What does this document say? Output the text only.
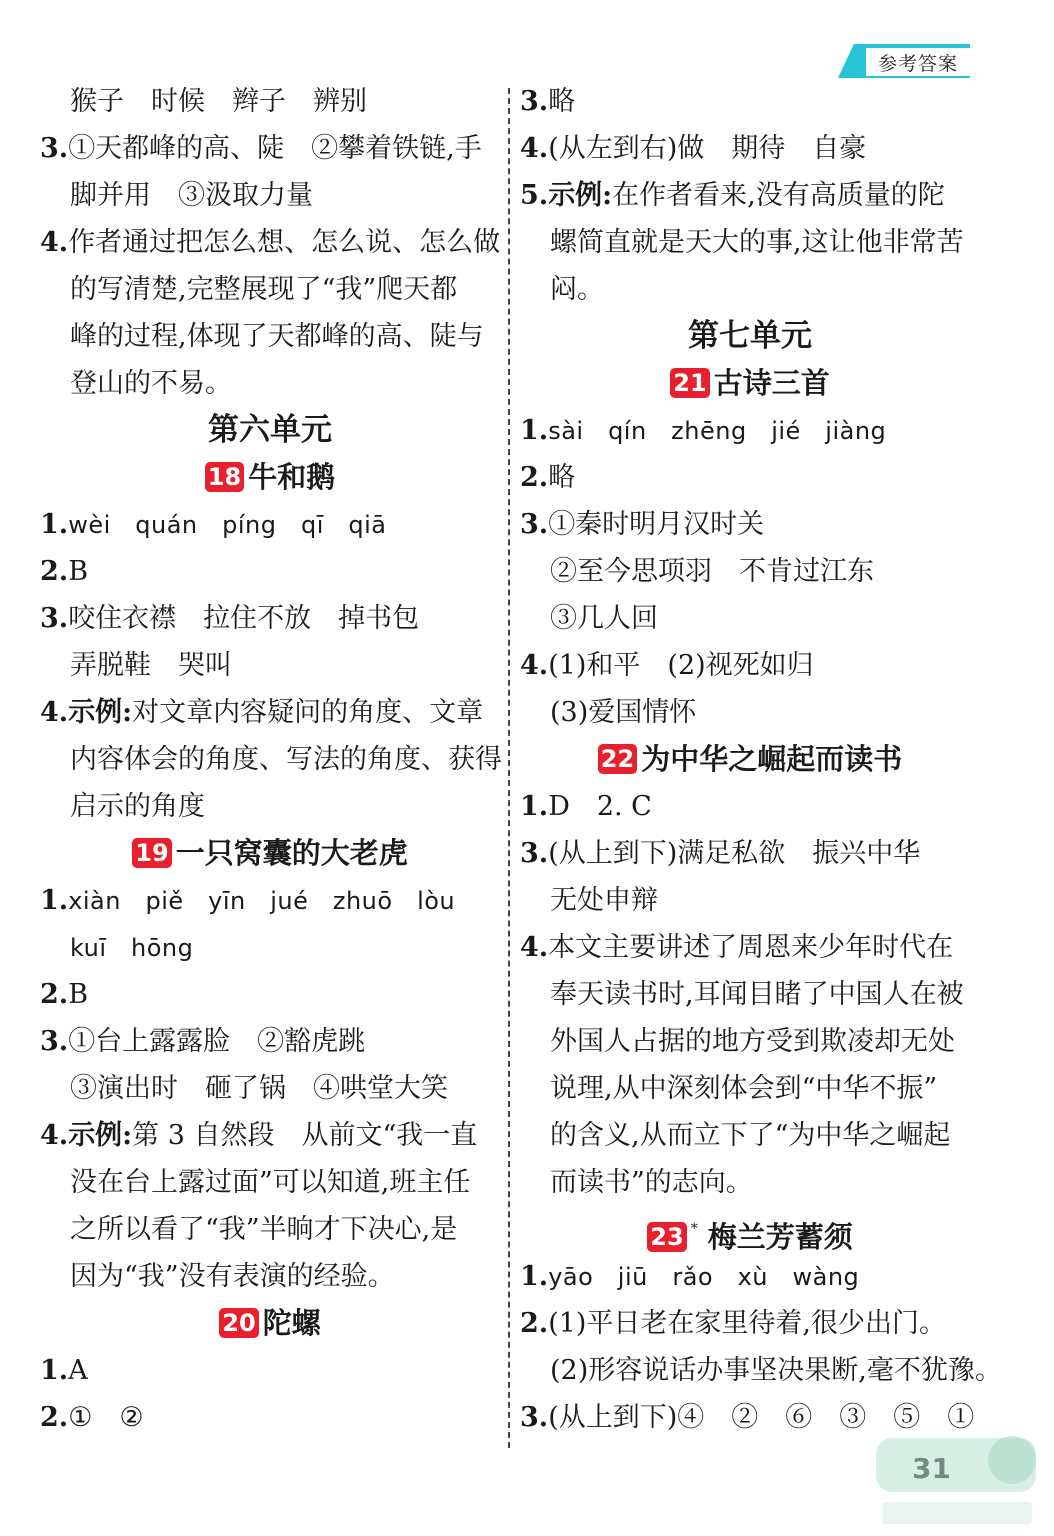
参考答案
猴子　时候　辫子　辨别
3.①天都峰的高、陡　②攀着铁链,手
脚并用　③汲取力量
4.作者通过把怎么想、怎么说、怎么做
的写清楚,完整展现了“我”爬天都
峰的过程,体现了天都峰的高、陡与
登山的不易。
第六单元
18 牛和鹅
1.wèi　quán　píng　qī　qiā
2.B
3.咬住衣襟　拉住不放　掉书包
弄脱鞋　哭叫
4.示例:对文章内容疑问的角度、文章
内容体会的角度、写法的角度、获得
启示的角度
19 一只窝囊的大老虎
1.xiàn　piě　yīn　jué　zhuō　lòu
kuī　hōng
2.B
3.①台上露露脸　②豁虎跳
③演出时　砸了锅　④哄堂大笑
4.示例:第 3 自然段　从前文“我一直
没在台上露过面”可以知道,班主任
之所以看了“我”半晌才下决心,是
因为“我”没有表演的经验。
20 陀螺
1.A
2.①　②
3.略
4.(从左到右)做　期待　自豪
5.示例:在作者看来,没有高质量的陀
螺简直就是天大的事,这让他非常苦
闷。
第七单元
21 古诗三首
1.sài　qín　zhēng　jié　jiàng
2.略
3.①秦时明月汉时关
②至今思项羽　不肯过江东
③几人回
4.(1)和平　(2)视死如归
(3)爱国情怀
22 为中华之崛起而读书
1.D　2. C
3.(从上到下)满足私欲　振兴中华
无处申辩
4.本文主要讲述了周恩来少年时代在
奉天读书时,耳闻目睹了中国人在被
外国人占据的地方受到欺凌却无处
说理,从中深刻体会到“中华不振”
的含义,从而立下了“为中华之崛起
而读书”的志向。
23 * 梅兰芳蓄须
1.yāo　jiū　rǎo　xù　wàng
2.(1)平日老在家里待着,很少出门。
(2)形容说话办事坚决果断,毫不犹豫。
3.(从上到下)④　②　⑥　③　⑤　①
